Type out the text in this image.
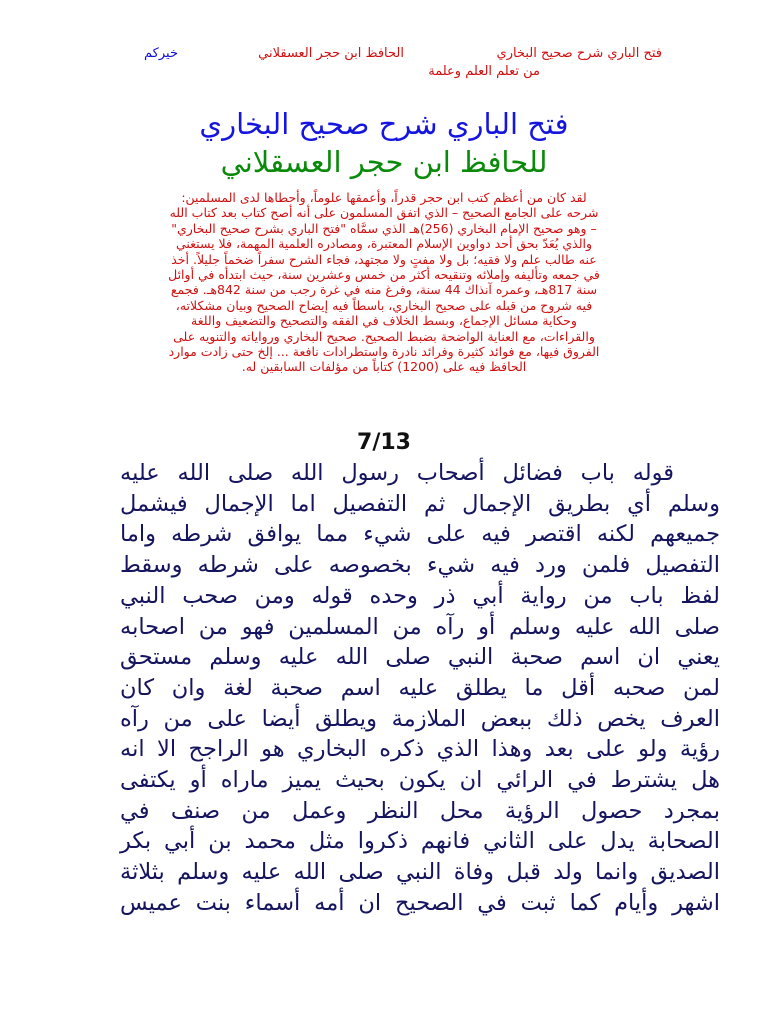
فتح الباري شرح صحيح البخاري
الحافظ ابن حجر العسقلاني
خيركم
من تعلم العلم وعلمة
فتح الباري شرح صحيح البخاري
للحافظ ابن حجر العسقلاني

لقد كان من أعظم كتب ابن حجر قدراً، وأعمقها علوماً، وأحطاها لدى المسلمين:

شرحه على الجامع الصحيح – الذي اتفق المسلمون على أنه أصح كتاب بعد كتاب الله

– وهو صحيح الإمام البخاري (256)هـ الذي سمَّاه "فتح الباري بشرح صحيح البخاري"

والذي يُعَدّ بحق أحد دواوين الإسلام المعتبرة، ومصادره العلمية المهمة، فلا يستغني

عنه طالب علم ولا فقيه؛ بل ولا مفتٍ ولا مجتهد، فجاء الشرح سفراً ضخماً جليلاً. أخذ

في جمعه وتأليفه وإملائه وتنقيحه أكثر من خمس وعشرين سنة، حيث ابتدأه في أوائل

سنة 817هـ، وعمره آنذاك 44 سنة، وفرغ منه في غرة رجب من سنة 842هـ. فجمع

فيه شروح من قبله على صحيح البخاري، باسطاً فيه إيضاح الصحيح وبيان مشكلاته،

وحكاية مسائل الإجماع، وبسط الخلاف في الفقه والتصحيح والتضعيف واللغة

والقراءات، مع العناية الواضحة بضبط الصحيح. صحيح البخاري ورواياته والتنويه على

الفروق فيها، مع فوائد كثيرة وفرائد نادرة واستطرادات نافعة ... إلخ حتى زادت موارد

الحافظ فيه على (1200) كتاباً من مؤلفات السابقين له.

7/13

قوله باب فضائل أصحاب رسول الله صلى الله عليه

وسلم أي بطريق الإجمال ثم التفصيل اما الإجمال فيشمل

جميعهم لكنه اقتصر فيه على شيء مما يوافق شرطه واما

التفصيل فلمن ورد فيه شيء بخصوصه على شرطه وسقط

لفظ باب من رواية أبي ذر وحده قوله ومن صحب النبي

صلى الله عليه وسلم أو رآه من المسلمين فهو من اصحابه

يعني ان اسم صحبة النبي صلى الله عليه وسلم مستحق

لمن صحبه أقل ما يطلق عليه اسم صحبة لغة وان كان

العرف يخص ذلك ببعض الملازمة ويطلق أيضا على من رآه

رؤية ولو على بعد وهذا الذي ذكره البخاري هو الراجح الا انه

هل يشترط في الرائي ان يكون بحيث يميز ماراه أو يكتفى

بمجرد حصول الرؤية محل النظر وعمل من صنف في

الصحابة يدل على الثاني فانهم ذكروا مثل محمد بن أبي بكر

الصديق وانما ولد قبل وفاة النبي صلى الله عليه وسلم بثلاثة

اشهر وأيام كما ثبت في الصحيح ان أمه أسماء بنت عميس
